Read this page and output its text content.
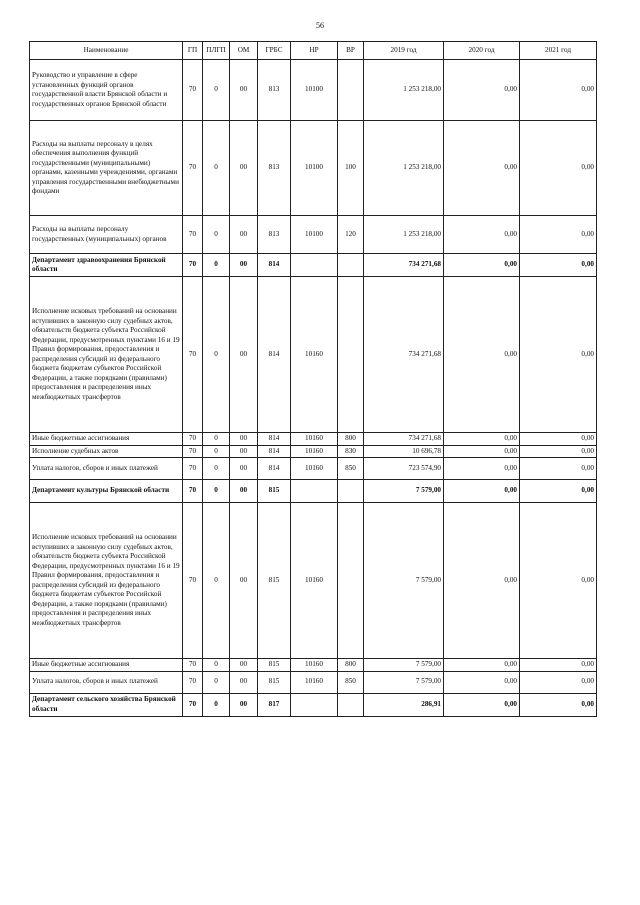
56
Наименование	ГП	ПЛГП	ОМ	ГРБС	НР	ВР	2019 год	2020 год	2021 год
Руководство и управление в сфере установленных функций органов государственной власти Брянской области и государственных органов Брянской области	70	0	00	813	10100		1 253 218,00	0,00	0,00
Расходы на выплаты персоналу в целях обеспечения выполнения функций государственными (муниципальными) органами, казенными учреждениями, органами управления государственными внебюджетными фондами	70	0	00	813	10100	100	1 253 218,00	0,00	0,00
Расходы на выплаты персоналу государственных (муниципальных) органов	70	0	00	813	10100	120	1 253 218,00	0,00	0,00
Департамент здравоохранения Брянской области	70	0	00	814			734 271,68	0,00	0,00
Исполнение исковых требований на основании вступивших в законную силу судебных актов, обязательств бюджета субъекта Российской Федерации, предусмотренных пунктами 16 и 19 Правил формирования, предоставления и распределения субсидий из федерального бюджета бюджетам субъектов Российской Федерации, а также порядками (правилами) предоставления и распределения иных межбюджетных трансфертов	70	0	00	814	10160		734 271,68	0,00	0,00
Иные бюджетные ассигнования	70	0	00	814	10160	800	734 271,68	0,00	0,00
Исполнение судебных актов	70	0	00	814	10160	830	10 696,78	0,00	0,00
Уплата налогов, сборов и иных платежей	70	0	00	814	10160	850	723 574,90	0,00	0,00
Департамент культуры Брянской области	70	0	00	815			7 579,00	0,00	0,00
Исполнение исковых требований на основании вступивших в законную силу судебных актов, обязательств бюджета субъекта Российской Федерации, предусмотренных пунктами 16 и 19 Правил формирования, предоставления и распределения субсидий из федерального бюджета бюджетам субъектов Российской Федерации, а также порядками (правилами) предоставления и распределения иных межбюджетных трансфертов	70	0	00	815	10160		7 579,00	0,00	0,00
Иные бюджетные ассигнования	70	0	00	815	10160	800	7 579,00	0,00	0,00
Уплата налогов, сборов и иных платежей	70	0	00	815	10160	850	7 579,00	0,00	0,00
Департамент сельского хозяйства Брянской области	70	0	00	817			286,91	0,00	0,00
